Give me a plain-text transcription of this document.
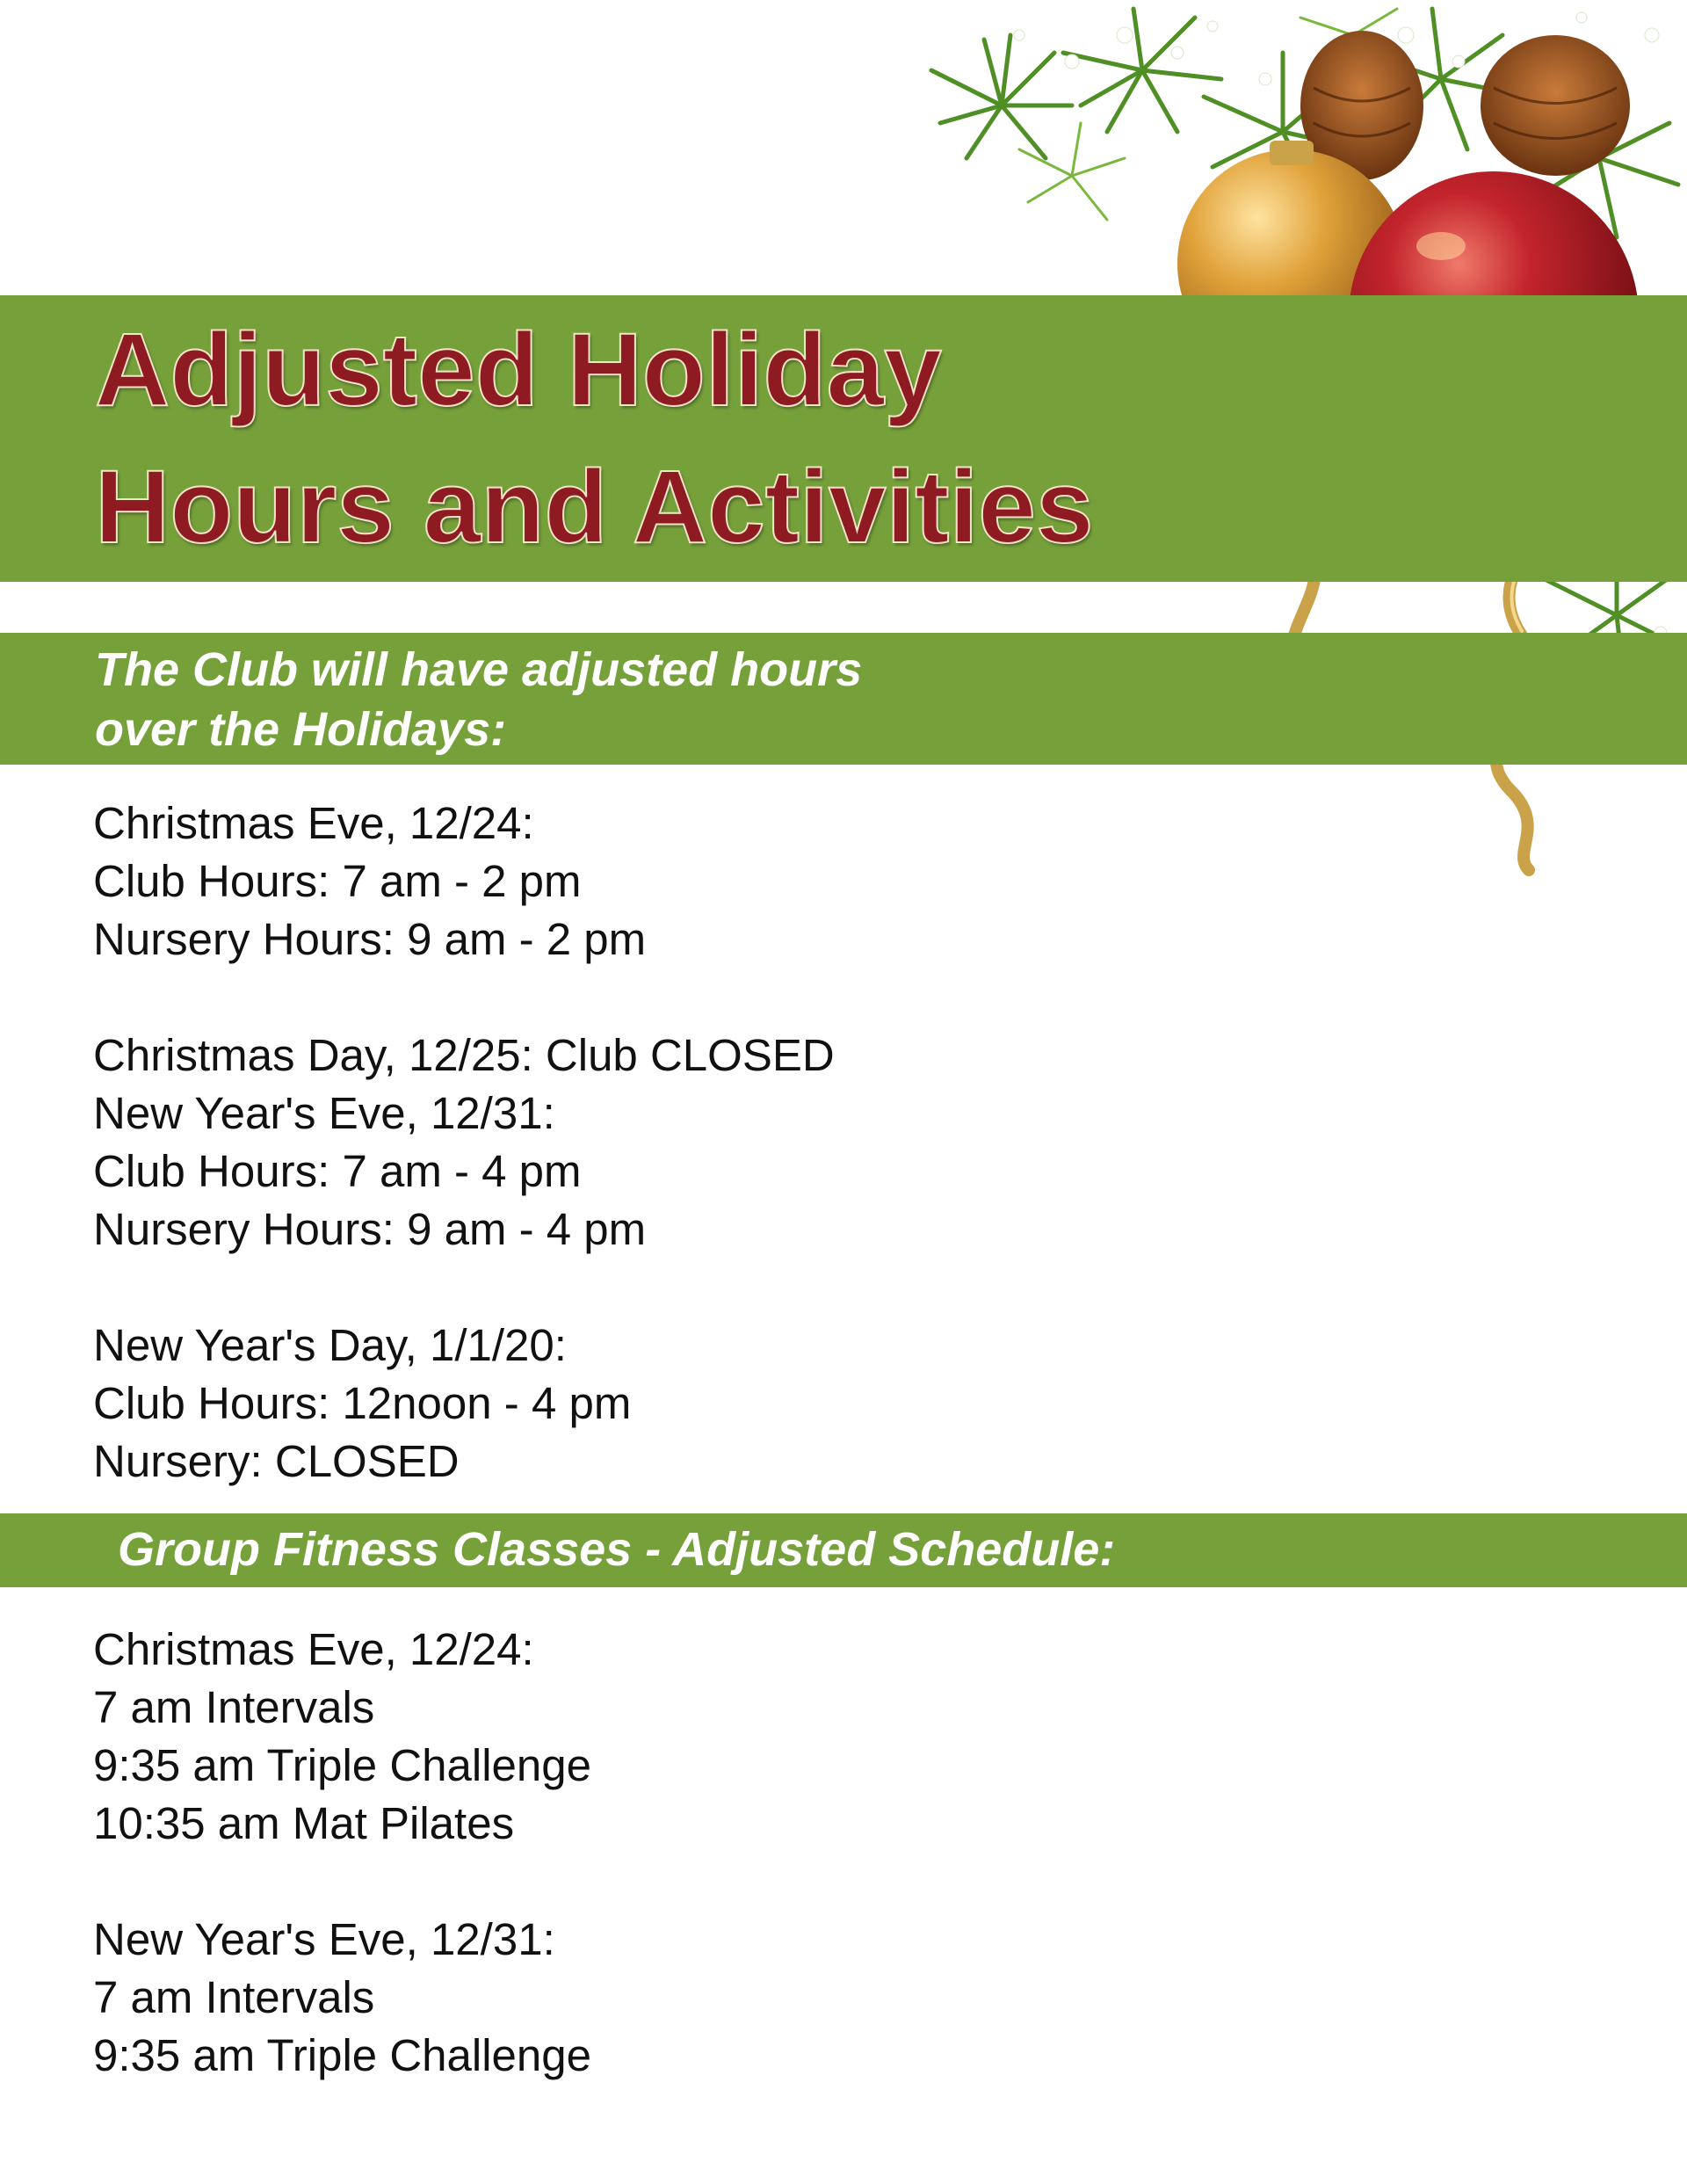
Adjusted Holiday
Hours and Activities
The Club will have adjusted hours
over the Holidays:
Christmas Eve, 12/24:
Club Hours: 7 am - 2 pm
Nursery Hours: 9 am - 2 pm
Christmas Day, 12/25: Club CLOSED
New Year's Eve, 12/31:
Club Hours: 7 am - 4 pm
Nursery Hours: 9 am - 4 pm
New Year's Day, 1/1/20:
Club Hours: 12noon - 4 pm
Nursery: CLOSED
Group Fitness Classes - Adjusted Schedule:
Christmas Eve, 12/24:
7 am Intervals
9:35 am Triple Challenge
10:35 am Mat Pilates
New Year's Eve, 12/31:
7 am Intervals
9:35 am Triple Challenge
